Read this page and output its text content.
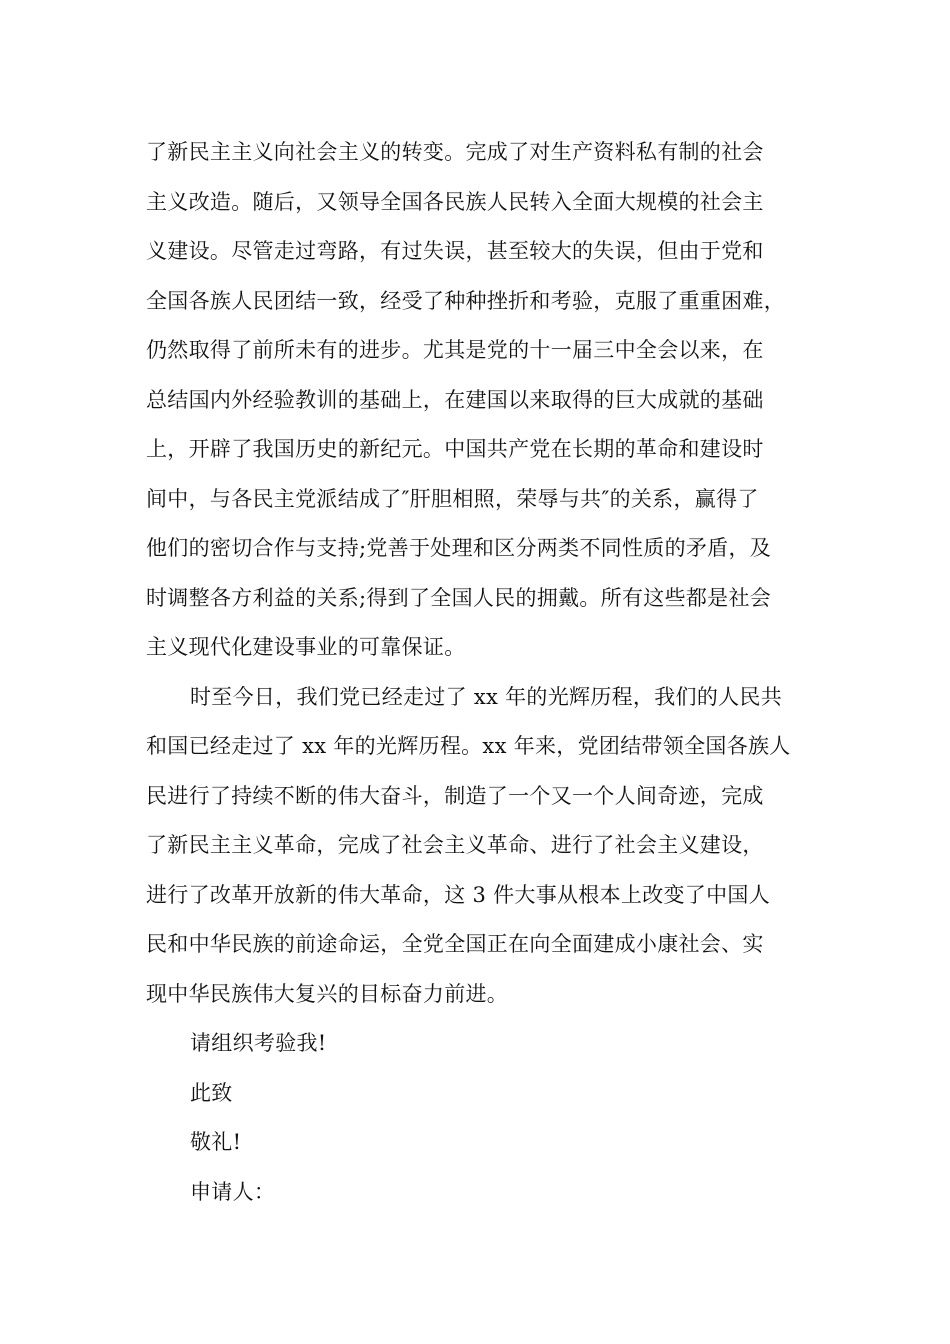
了新民主主义向社会主义的转变。完成了对生产资料私有制的社会
主义改造。随后，又领导全国各民族人民转入全面大规模的社会主
义建设。尽管走过弯路，有过失误，甚至较大的失误，但由于党和
全国各族人民团结一致，经受了种种挫折和考验，克服了重重困难，
仍然取得了前所未有的进步。尤其是党的十一届三中全会以来，在
总结国内外经验教训的基础上，在建国以来取得的巨大成就的基础
上，开辟了我国历史的新纪元。中国共产党在长期的革命和建设时
间中，与各民主党派结成了″肝胆相照，荣辱与共″的关系，赢得了
他们的密切合作与支持;党善于处理和区分两类不同性质的矛盾，及
时调整各方利益的关系;得到了全国人民的拥戴。所有这些都是社会
主义现代化建设事业的可靠保证。
时至今日，我们党已经走过了 xx 年的光辉历程，我们的人民共
和国已经走过了 xx 年的光辉历程。xx 年来，党团结带领全国各族人
民进行了持续不断的伟大奋斗，制造了一个又一个人间奇迹，完成
了新民主主义革命，完成了社会主义革命、进行了社会主义建设，
进行了改革开放新的伟大革命，这 3 件大事从根本上改变了中国人
民和中华民族的前途命运，全党全国正在向全面建成小康社会、实
现中华民族伟大复兴的目标奋力前进。
请组织考验我!
此致
敬礼!
申请人：
